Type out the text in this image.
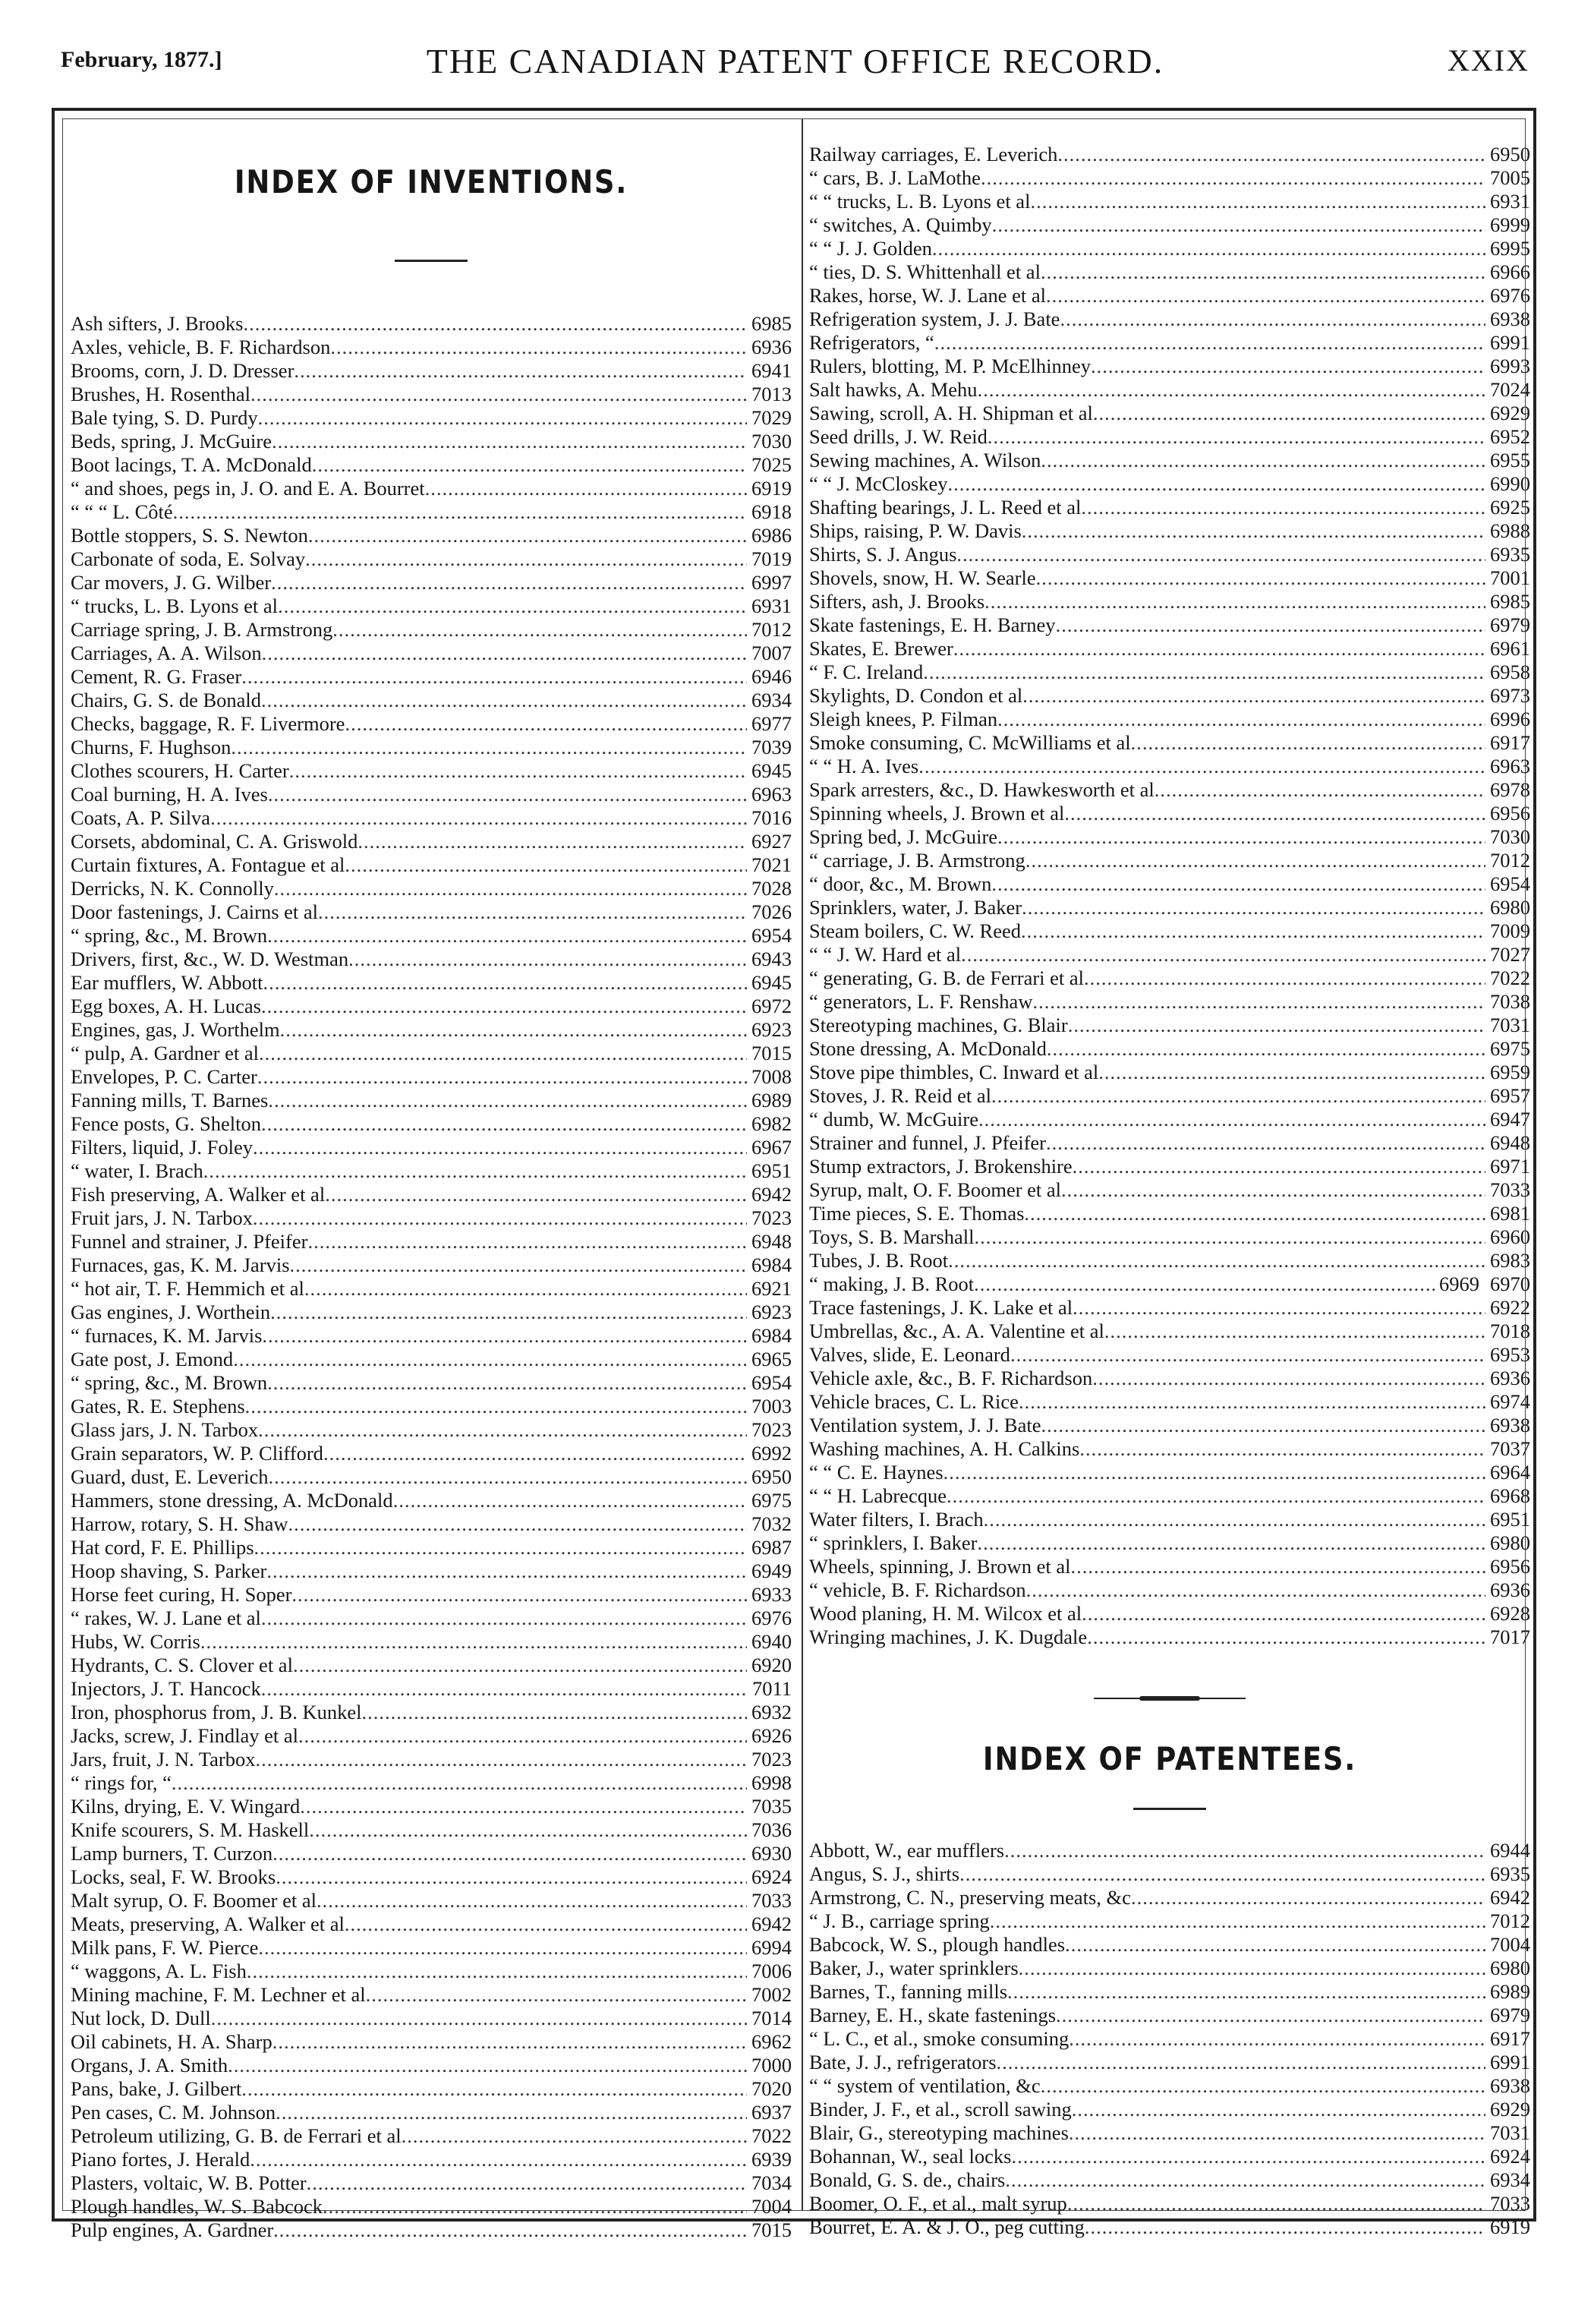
February, 1877.]	THE CANADIAN PATENT OFFICE RECORD.	XXIX
INDEX OF INVENTIONS.
Ash sifters, J. Brooks .....	6985
Axles, vehicle, B. F. Richardson .....	6936
Brooms, corn, J. D. Dresser .....	6941
Brushes, H. Rosenthal .....	7013
Bale tying, S. D. Purdy .....	7029
Beds, spring, J. McGuire .....	7030
Boot lacings, T. A. McDonald .....	7025
“ and shoes, pegs in, J. O. and E. A. Bourret .....	6919
“ “ “ L. Côté .....	6918
Bottle stoppers, S. S. Newton .....	6986
Carbonate of soda, E. Solvay .....	7019
Car movers, J. G. Wilber .....	6997
“ trucks, L. B. Lyons et al .....	6931
Carriage spring, J. B. Armstrong .....	7012
Carriages, A. A. Wilson .....	7007
Cement, R. G. Fraser .....	6946
Chairs, G. S. de Bonald .....	6934
Checks, baggage, R. F. Livermore .....	6977
Churns, F. Hughson .....	7039
Clothes scourers, H. Carter .....	6945
Coal burning, H. A. Ives .....	6963
Coats, A. P. Silva .....	7016
Corsets, abdominal, C. A. Griswold .....	6927
Curtain fixtures, A. Fontague et al .....	7021
Derricks, N. K. Connolly .....	7028
Door fastenings, J. Cairns et al .....	7026
“ spring, &c., M. Brown .....	6954
Drivers, first, &c., W. D. Westman .....	6943
Ear mufflers, W. Abbott .....	6945
Egg boxes, A. H. Lucas .....	6972
Engines, gas, J. Worthelm .....	6923
“ pulp, A. Gardner et al .....	7015
Envelopes, P. C. Carter .....	7008
Fanning mills, T. Barnes .....	6989
Fence posts, G. Shelton .....	6982
Filters, liquid, J. Foley .....	6967
“ water, I. Brach .....	6951
Fish preserving, A. Walker et al .....	6942
Fruit jars, J. N. Tarbox .....	7023
Funnel and strainer, J. Pfeifer .....	6948
Furnaces, gas, K. M. Jarvis .....	6984
“ hot air, T. F. Hemmich et al .....	6921
Gas engines, J. Worthein .....	6923
“ furnaces, K. M. Jarvis .....	6984
Gate post, J. Emond .....	6965
“ spring, &c., M. Brown .....	6954
Gates, R. E. Stephens .....	7003
Glass jars, J. N. Tarbox .....	7023
Grain separators, W. P. Clifford .....	6992
Guard, dust, E. Leverich .....	6950
Hammers, stone dressing, A. McDonald .....	6975
Harrow, rotary, S. H. Shaw .....	7032
Hat cord, F. E. Phillips .....	6987
Hoop shaving, S. Parker .....	6949
Horse feet curing, H. Soper .....	6933
“ rakes, W. J. Lane et al .....	6976
Hubs, W. Corris .....	6940
Hydrants, C. S. Clover et al .....	6920
Injectors, J. T. Hancock .....	7011
Iron, phosphorus from, J. B. Kunkel .....	6932
Jacks, screw, J. Findlay et al .....	6926
Jars, fruit, J. N. Tarbox .....	7023
“ rings for, “ .....	6998
Kilns, drying, E. V. Wingard .....	7035
Knife scourers, S. M. Haskell .....	7036
Lamp burners, T. Curzon .....	6930
Locks, seal, F. W. Brooks .....	6924
Malt syrup, O. F. Boomer et al .....	7033
Meats, preserving, A. Walker et al .....	6942
Milk pans, F. W. Pierce .....	6994
“ waggons, A. L. Fish .....	7006
Mining machine, F. M. Lechner et al .....	7002
Nut lock, D. Dull .....	7014
Oil cabinets, H. A. Sharp .....	6962
Organs, J. A. Smith .....	7000
Pans, bake, J. Gilbert .....	7020
Pen cases, C. M. Johnson .....	6937
Petroleum utilizing, G. B. de Ferrari et al .....	7022
Piano fortes, J. Herald .....	6939
Plasters, voltaic, W. B. Potter .....	7034
Plough handles, W. S. Babcock .....	7004
Pulp engines, A. Gardner .....	7015
Railway carriages, E. Leverich .....	6950
“ cars, B. J. LaMothe .....	7005
“ “ trucks, L. B. Lyons et al .....	6931
“ switches, A. Quimby .....	6999
“ “ J. J. Golden .....	6995
“ ties, D. S. Whittenhall et al .....	6966
Rakes, horse, W. J. Lane et al .....	6976
Refrigeration system, J. J. Bate .....	6938
Refrigerators, “ .....	6991
Rulers, blotting, M. P. McElhinney .....	6993
Salt hawks, A. Mehu .....	7024
Sawing, scroll, A. H. Shipman et al .....	6929
Seed drills, J. W. Reid .....	6952
Sewing machines, A. Wilson .....	6955
“ “ J. McCloskey .....	6990
Shafting bearings, J. L. Reed et al .....	6925
Ships, raising, P. W. Davis .....	6988
Shirts, S. J. Angus .....	6935
Shovels, snow, H. W. Searle .....	7001
Sifters, ash, J. Brooks .....	6985
Skate fastenings, E. H. Barney .....	6979
Skates, E. Brewer .....	6961
“ F. C. Ireland .....	6958
Skylights, D. Condon et al .....	6973
Sleigh knees, P. Filman .....	6996
Smoke consuming, C. McWilliams et al .....	6917
“ “ H. A. Ives .....	6963
Spark arresters, &c., D. Hawkesworth et al .....	6978
Spinning wheels, J. Brown et al .....	6956
Spring bed, J. McGuire .....	7030
“ carriage, J. B. Armstrong .....	7012
“ door, &c., M. Brown .....	6954
Sprinklers, water, J. Baker .....	6980
Steam boilers, C. W. Reed .....	7009
“ “ J. W. Hard et al .....	7027
“ generating, G. B. de Ferrari et al .....	7022
“ generators, L. F. Renshaw .....	7038
Stereotyping machines, G. Blair .....	7031
Stone dressing, A. McDonald .....	6975
Stove pipe thimbles, C. Inward et al .....	6959
Stoves, J. R. Reid et al .....	6957
“ dumb, W. McGuire .....	6947
Strainer and funnel, J. Pfeifer .....	6948
Stump extractors, J. Brokenshire .....	6971
Syrup, malt, O. F. Boomer et al .....	7033
Time pieces, S. E. Thomas .....	6981
Toys, S. B. Marshall .....	6960
Tubes, J. B. Root .....	6983
“ making, J. B. Root .....	6969 6970
Trace fastenings, J. K. Lake et al .....	6922
Umbrellas, &c., A. A. Valentine et al .....	7018
Valves, slide, E. Leonard .....	6953
Vehicle axle, &c., B. F. Richardson .....	6936
Vehicle braces, C. L. Rice .....	6974
Ventilation system, J. J. Bate .....	6938
Washing machines, A. H. Calkins .....	7037
“ “ C. E. Haynes .....	6964
“ “ H. Labrecque .....	6968
Water filters, I. Brach .....	6951
“ sprinklers, I. Baker .....	6980
Wheels, spinning, J. Brown et al .....	6956
“ vehicle, B. F. Richardson .....	6936
Wood planing, H. M. Wilcox et al .....	6928
Wringing machines, J. K. Dugdale .....	7017
INDEX OF PATENTEES.
Abbott, W., ear mufflers .....	6944
Angus, S. J., shirts .....	6935
Armstrong, C. N., preserving meats, &c .....	6942
“ J. B., carriage spring .....	7012
Babcock, W. S., plough handles .....	7004
Baker, J., water sprinklers .....	6980
Barnes, T., fanning mills .....	6989
Barney, E. H., skate fastenings .....	6979
“ L. C., et al., smoke consuming .....	6917
Bate, J. J., refrigerators .....	6991
“ “ system of ventilation, &c .....	6938
Binder, J. F., et al., scroll sawing .....	6929
Blair, G., stereotyping machines .....	7031
Bohannan, W., seal locks .....	6924
Bonald, G. S. de., chairs .....	6934
Boomer, O. F., et al., malt syrup .....	7033
Bourret, E. A. & J. O., peg cutting .....	6919
